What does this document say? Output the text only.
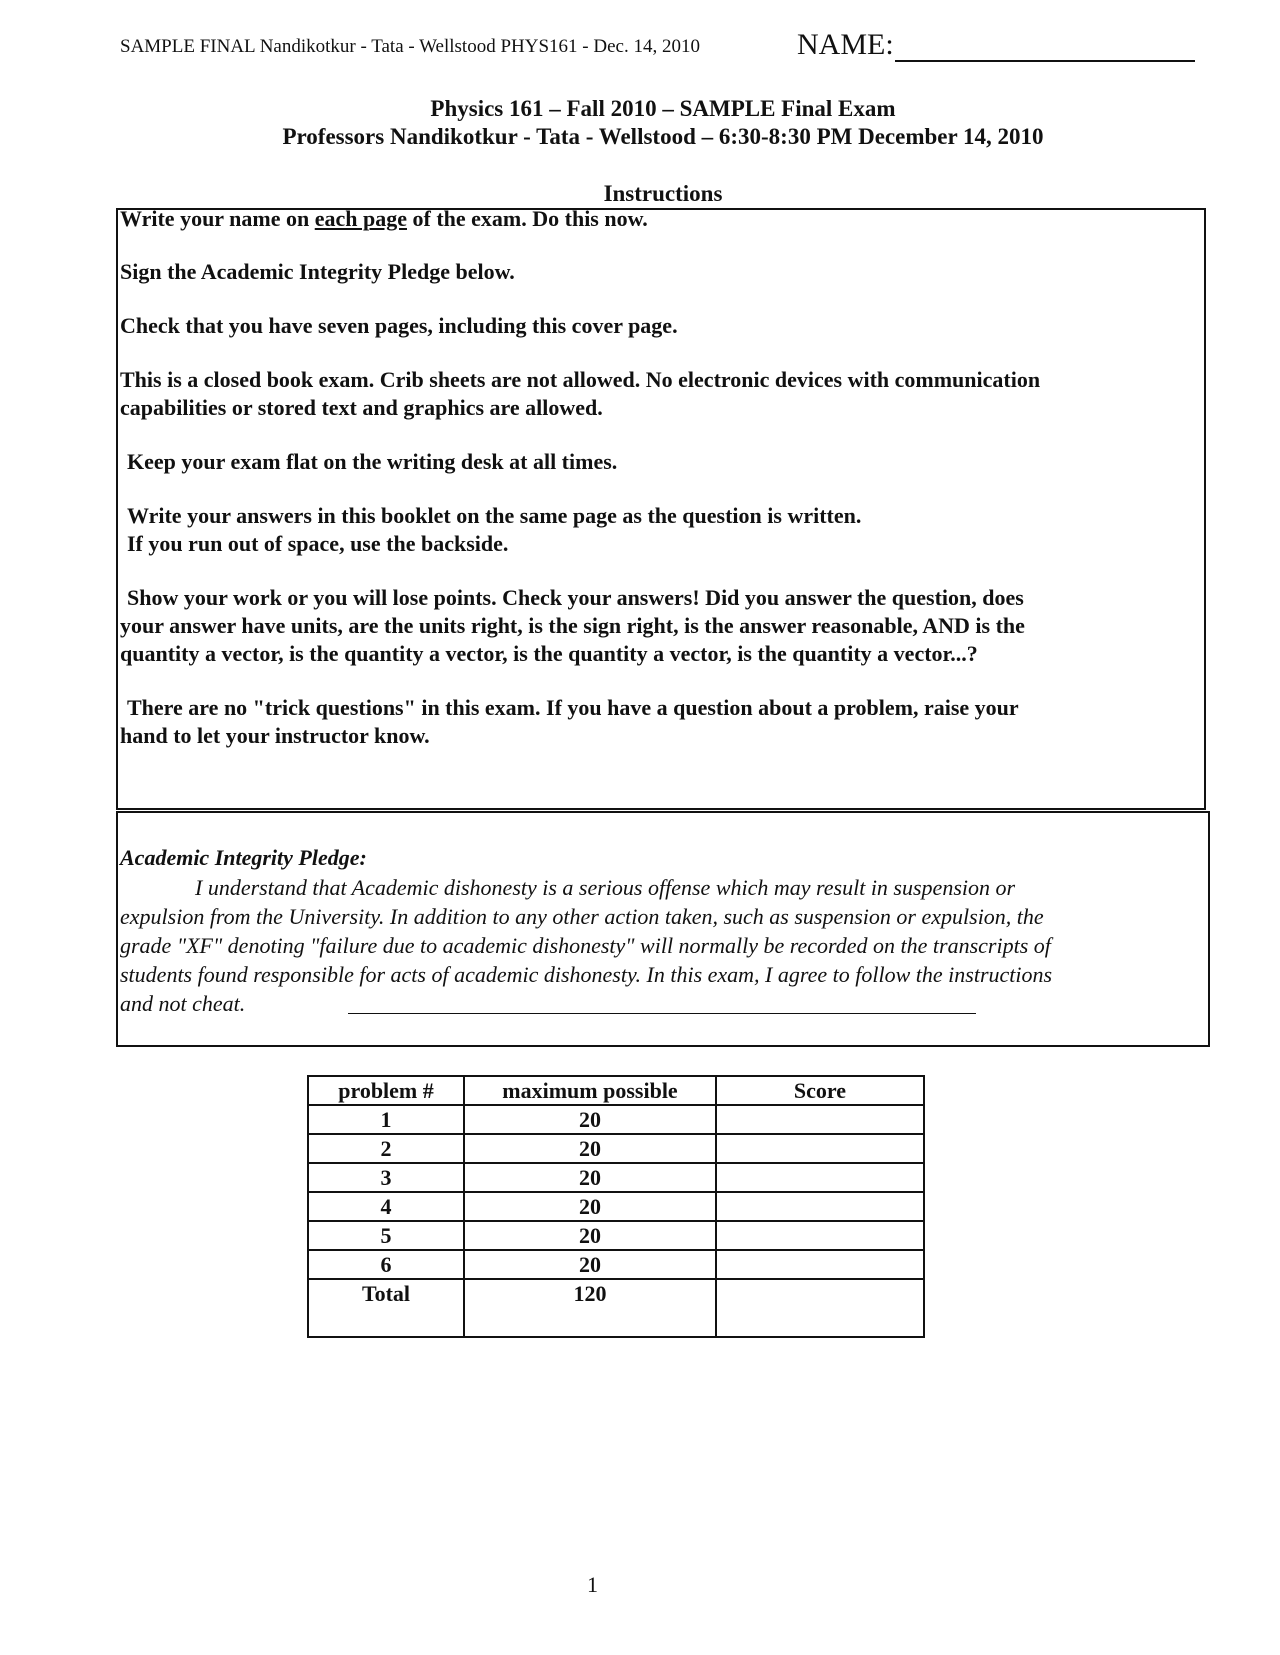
SAMPLE FINAL Nandikotkur - Tata - Wellstood PHYS161 - Dec. 14, 2010	NAME:
Physics 161 – Fall 2010 – SAMPLE Final Exam
Professors Nandikotkur - Tata - Wellstood – 6:30-8:30 PM December 14, 2010
Instructions
Write your name on each page of the exam. Do this now.
Sign the Academic Integrity Pledge below.
Check that you have seven pages, including this cover page.
This is a closed book exam. Crib sheets are not allowed. No electronic devices with communication
capabilities or stored text and graphics are allowed.
Keep your exam flat on the writing desk at all times.
Write your answers in this booklet on the same page as the question is written.
If you run out of space, use the backside.
Show your work or you will lose points. Check your answers! Did you answer the question, does
your answer have units, are the units right, is the sign right, is the answer reasonable, AND is the
quantity a vector, is the quantity a vector, is the quantity a vector, is the quantity a vector...?
There are no "trick questions" in this exam. If you have a question about a problem, raise your
hand to let your instructor know.
Academic Integrity Pledge:
I understand that Academic dishonesty is a serious offense which may result in suspension or
expulsion from the University. In addition to any other action taken, such as suspension or expulsion, the
grade "XF" denoting "failure due to academic dishonesty" will normally be recorded on the transcripts of
students found responsible for acts of academic dishonesty. In this exam, I agree to follow the instructions
and not cheat.
problem #	maximum possible	Score
1	20	
2	20	
3	20	
4	20	
5	20	
6	20	
Total	120	
1
